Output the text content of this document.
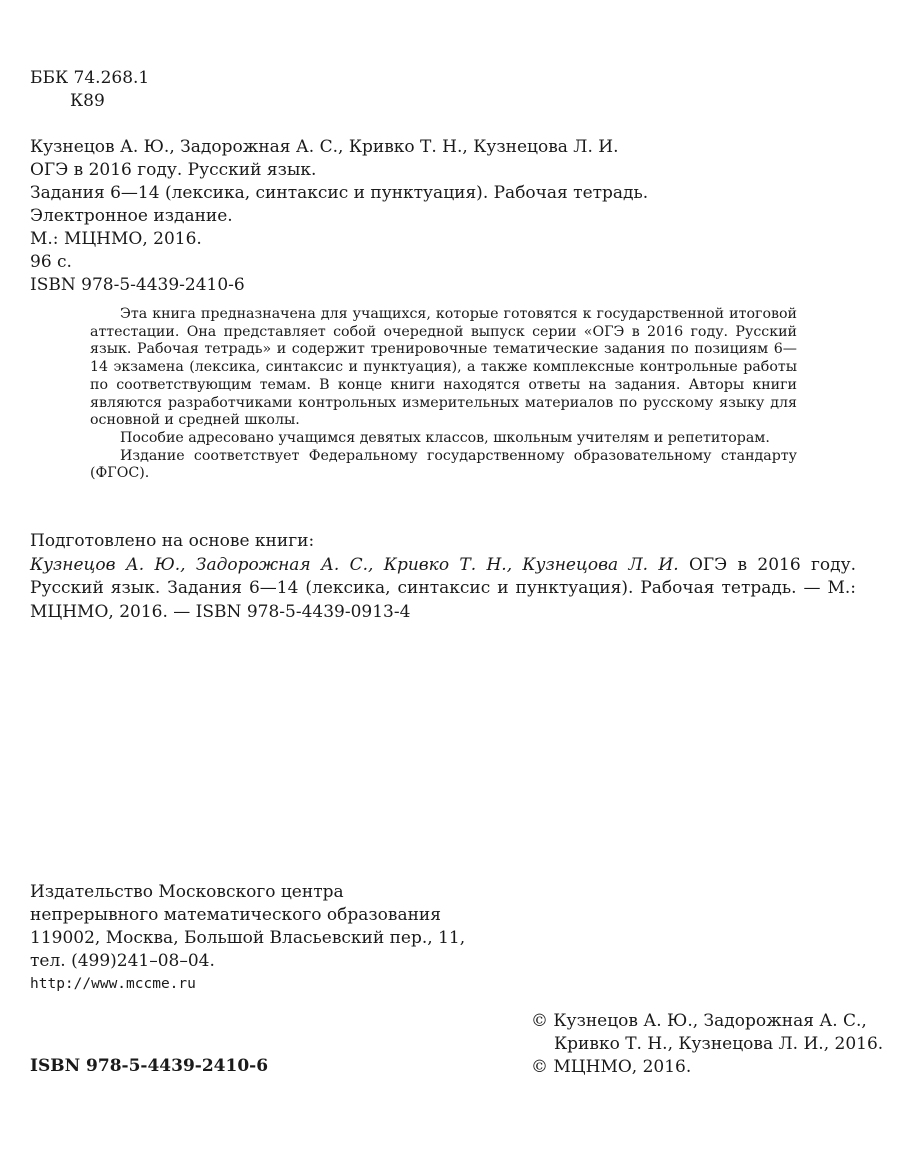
ББК 74.268.1
К89
Кузнецов А. Ю., Задорожная А. С., Кривко Т. Н., Кузнецова Л. И.
ОГЭ в 2016 году. Русский язык.
Задания 6—14 (лексика, синтаксис и пунктуация). Рабочая тетрадь.
Электронное издание.
М.: МЦНМО, 2016.
96 с.
ISBN 978-5-4439-2410-6

Эта книга предназначена для учащихся, которые готовятся к государственной итоговой аттестации. Она представляет собой очередной выпуск серии «ОГЭ в 2016 году. Русский язык. Рабочая тетрадь» и содержит тренировочные тематические задания по позициям 6—14 экзамена (лексика, синтаксис и пунктуация), а также комплексные контрольные работы по соответствующим темам. В конце книги находятся ответы на задания. Авторы книги являются разработчиками контрольных измерительных материалов по русскому языку для основной и средней школы.

Пособие адресовано учащимся девятых классов, школьным учителям и репетиторам.

Издание соответствует Федеральному государственному образовательному стандарту (ФГОС).

Подготовлено на основе книги:
Кузнецов А. Ю., Задорожная А. С., Кривко Т. Н., Кузнецова Л. И. ОГЭ в 2016 году. Русский язык. Задания 6—14 (лексика, синтаксис и пунктуация). Рабочая тетрадь. — М.: МЦНМО, 2016. — ISBN 978-5-4439-0913-4
Издательство Московского центра
непрерывного математического образования
119002, Москва, Большой Власьевский пер., 11,
тел. (499)241–08–04.
http://www.mccme.ru
© Кузнецов А. Ю., Задорожная А. С.,
Кривко Т. Н., Кузнецова Л. И., 2016.
© МЦНМО, 2016.
ISBN 978-5-4439-2410-6
